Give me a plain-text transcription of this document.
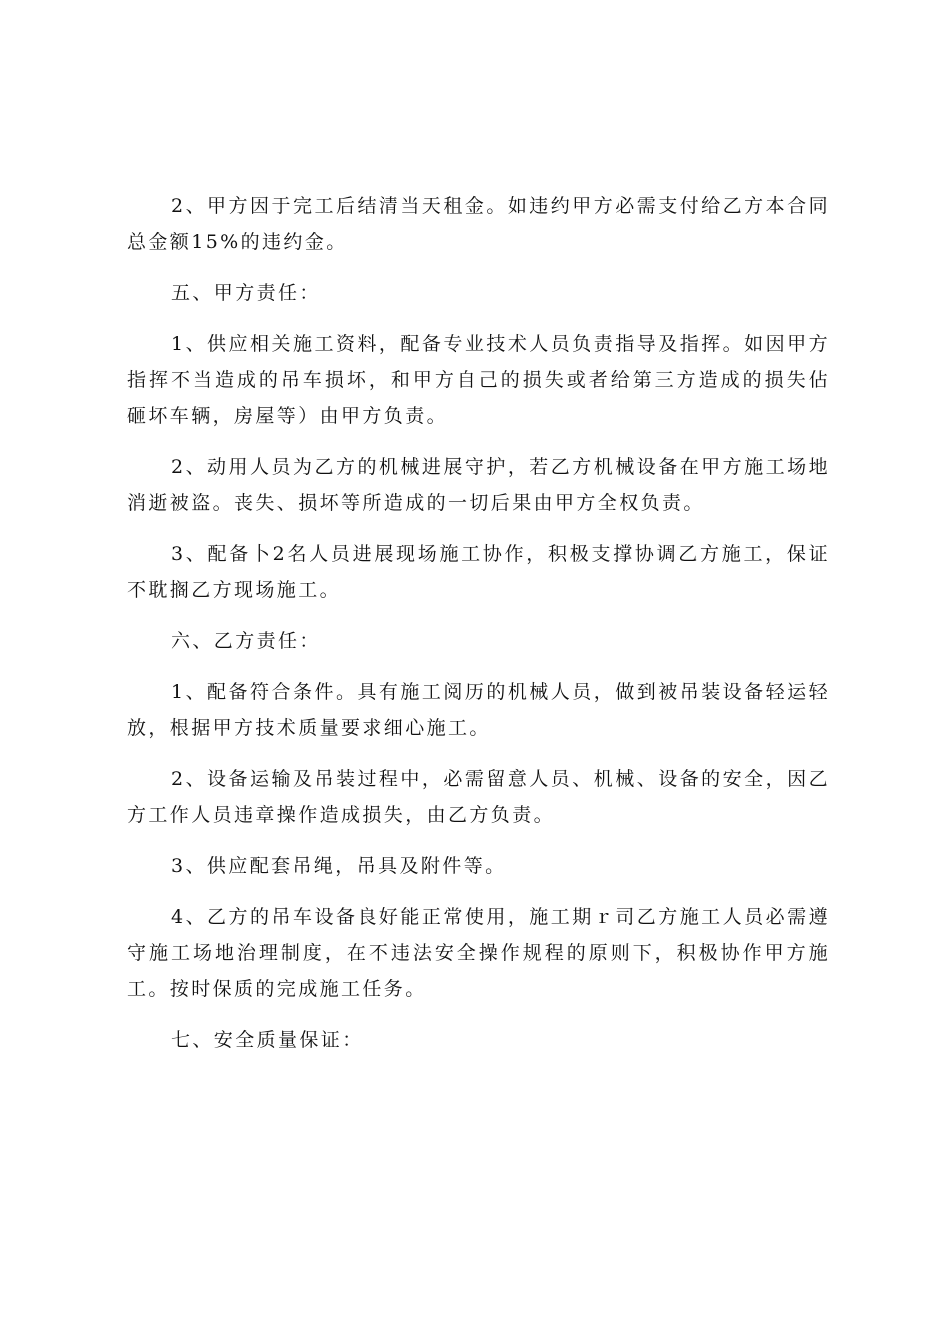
2、甲方因于完工后结清当天租金。如违约甲方必需支付给乙方本合同总金额15%的违约金。

五、甲方责任：

1、供应相关施工资料，配备专业技术人员负责指导及指挥。如因甲方指挥不当造成的吊车损坏，和甲方自己的损失或者给第三方造成的损失佔砸坏车辆，房屋等）由甲方负责。

2、动用人员为乙方的机械进展守护，若乙方机械设备在甲方施工场地消逝被盗。丧失、损坏等所造成的一切后果由甲方全权负责。

3、配备卜2名人员进展现场施工协作，积极支撑协调乙方施工，保证不耽搁乙方现场施工。

六、乙方责任：

1、配备符合条件。具有施工阅历的机械人员，做到被吊装设备轻运轻放，根据甲方技术质量要求细心施工。

2、设备运输及吊装过程中，必需留意人员、机械、设备的安全，因乙方工作人员违章操作造成损失，由乙方负责。

3、供应配套吊绳，吊具及附件等。

4、乙方的吊车设备良好能正常使用，施工期ｒ司乙方施工人员必需遵守施工场地治理制度，在不违法安全操作规程的原则下，积极协作甲方施工。按时保质的完成施工任务。

七、安全质量保证：
